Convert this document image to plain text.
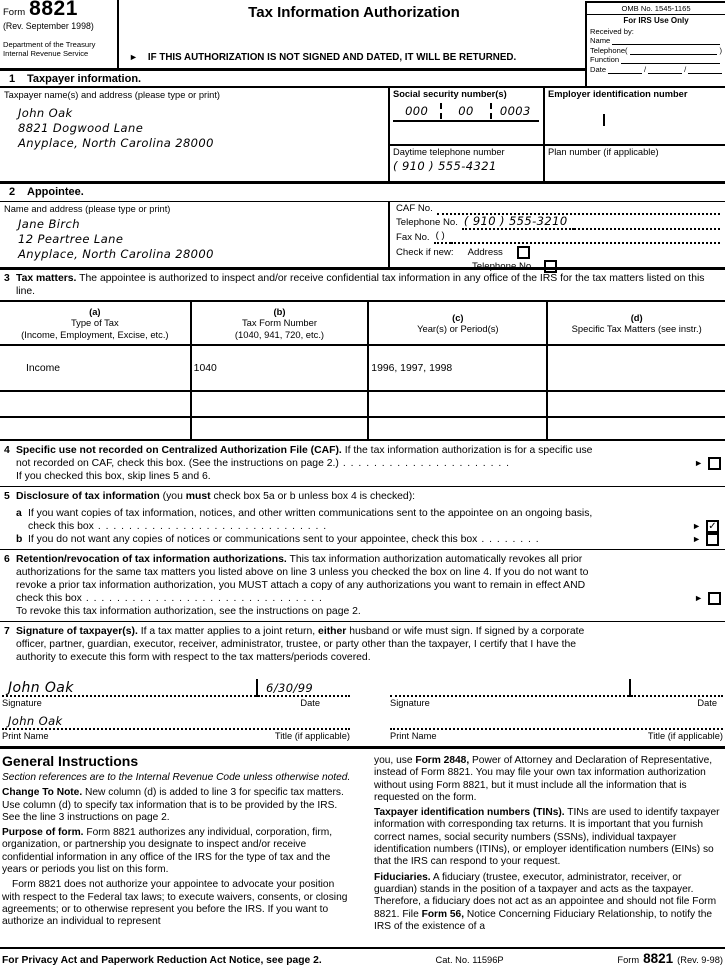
Form 8821
(Rev. September 1998)
Department of the Treasury
Internal Revenue Service
Tax Information Authorization
►	IF THIS AUTHORIZATION IS NOT SIGNED AND DATED, IT WILL BE RETURNED.
1 Taxpayer information.
OMB No. 1545-1165
For IRS Use Only
Received by:
Name
Telephone (	)
Function
Date	/	/
Taxpayer name(s) and address (please type or print)
John Oak
8821 Dogwood Lane
Anyplace, North Carolina 28000
Social security number(s)
000	00	0003
Employer identification number
Daytime telephone number
( 910 ) 555-4321
Plan number (if applicable)
2 Appointee.
Name and address (please type or print)
Jane Birch
12 Peartree Lane
Anyplace, North Carolina 28000
CAF No.
Telephone No. ( 910 ) 555-3210
Fax No. ( )
Check if new: Address
Telephone No.
3 Tax matters. The appointee is authorized to inspect and/or receive confidential tax information in any office of the IRS for the tax matters listed on this line.
(a)
Type of Tax
(Income, Employment, Excise, etc.)

(b)
Tax Form Number
(1040, 941, 720, etc.)

(c)
Year(s) or Period(s)

(d)
Specific Tax Matters (see instr.)

Income	1040	1996, 1997, 1998	

4 Specific use not recorded on Centralized Authorization File (CAF). If the tax information authorization is for a specific use
not recorded on CAF, check this box. (See the instructions on page 2.) . . . . . . . . . . . . . . . . . . . . . .	►
If you checked this box, skip lines 5 and 6.
5 Disclosure of tax information (you must check box 5a or b unless box 4 is checked):
a If you want copies of tax information, notices, and other written communications sent to the appointee on an ongoing basis,
check this box . . . . . . . . . . . . . . . . . . . . . . . . . . . . . .	► ✓
b If you do not want any copies of notices or communications sent to your appointee, check this box . . . . . . . .	►
6 Retention/revocation of tax information authorizations. This tax information authorization automatically revokes all prior
authorizations for the same tax matters you listed above on line 3 unless you checked the box on line 4. If you do not want to
revoke a prior tax information authorization, you MUST attach a copy of any authorizations you want to remain in effect AND
check this box . . . . . . . . . . . . . . . . . . . . . . . . . . . . . . .	►
To revoke this tax information authorization, see the instructions on page 2.
7 Signature of taxpayer(s). If a tax matter applies to a joint return, either husband or wife must sign. If signed by a corporate
officer, partner, guardian, executor, receiver, administrator, trustee, or party other than the taxpayer, I certify that I have the
authority to execute this form with respect to the tax matters/periods covered.
John Oak	6/30/99
Signature	Date
John Oak
Print Name	Title (if applicable)
Signature	Date
Print Name	Title (if applicable)
General Instructions
Section references are to the Internal Revenue Code unless otherwise noted.

Change To Note. New column (d) is added to line 3 for specific tax matters. Use column (d) to specify tax information that is to be provided by the IRS. See the line 3 instructions on page 2.

Purpose of form. Form 8821 authorizes any individual, corporation, firm, organization, or partnership you designate to inspect and/or receive confidential information in any office of the IRS for the type of tax and the years or periods you list on this form.

Form 8821 does not authorize your appointee to advocate your position with respect to the Federal tax laws; to execute waivers, consents, or closing agreements; or to otherwise represent you before the IRS. If you want to authorize an individual to represent

you, use Form 2848, Power of Attorney and Declaration of Representative, instead of Form 8821. You may file your own tax information authorization without using Form 8821, but it must include all the information that is requested on the form.

Taxpayer identification numbers (TINs). TINs are used to identify taxpayer information with corresponding tax returns. It is important that you furnish correct names, social security numbers (SSNs), individual taxpayer identification numbers (ITINs), or employer identification numbers (EINs) so that the IRS can respond to your request.

Fiduciaries. A fiduciary (trustee, executor, administrator, receiver, or guardian) stands in the position of a taxpayer and acts as the taxpayer. Therefore, a fiduciary does not act as an appointee and should not file Form 8821. File Form 56, Notice Concerning Fiduciary Relationship, to notify the IRS of the existence of a

For Privacy Act and Paperwork Reduction Act Notice, see page 2.	Cat. No. 11596P	Form 8821 (Rev. 9-98)
